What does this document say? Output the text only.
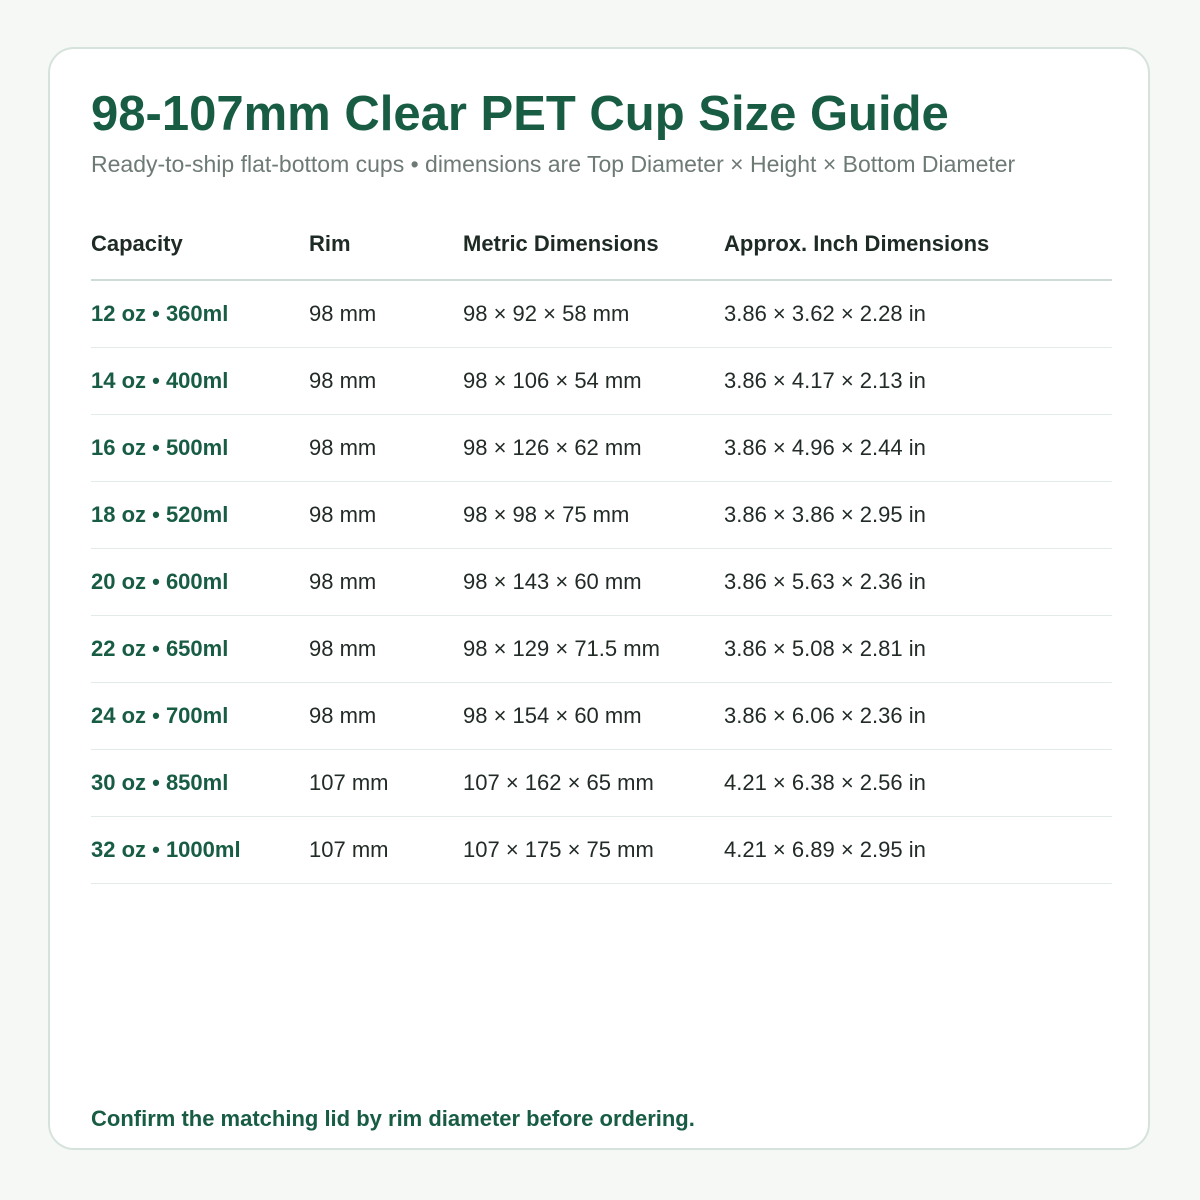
98-107mm Clear PET Cup Size Guide

Ready-to-ship flat-bottom cups • dimensions are Top Diameter × Height × Bottom Diameter

Capacity	Rim	Metric Dimensions	Approx. Inch Dimensions
12 oz • 360ml	98 mm	98 × 92 × 58 mm	3.86 × 3.62 × 2.28 in
14 oz • 400ml	98 mm	98 × 106 × 54 mm	3.86 × 4.17 × 2.13 in
16 oz • 500ml	98 mm	98 × 126 × 62 mm	3.86 × 4.96 × 2.44 in
18 oz • 520ml	98 mm	98 × 98 × 75 mm	3.86 × 3.86 × 2.95 in
20 oz • 600ml	98 mm	98 × 143 × 60 mm	3.86 × 5.63 × 2.36 in
22 oz • 650ml	98 mm	98 × 129 × 71.5 mm	3.86 × 5.08 × 2.81 in
24 oz • 700ml	98 mm	98 × 154 × 60 mm	3.86 × 6.06 × 2.36 in
30 oz • 850ml	107 mm	107 × 162 × 65 mm	4.21 × 6.38 × 2.56 in
32 oz • 1000ml	107 mm	107 × 175 × 75 mm	4.21 × 6.89 × 2.95 in

Confirm the matching lid by rim diameter before ordering.
